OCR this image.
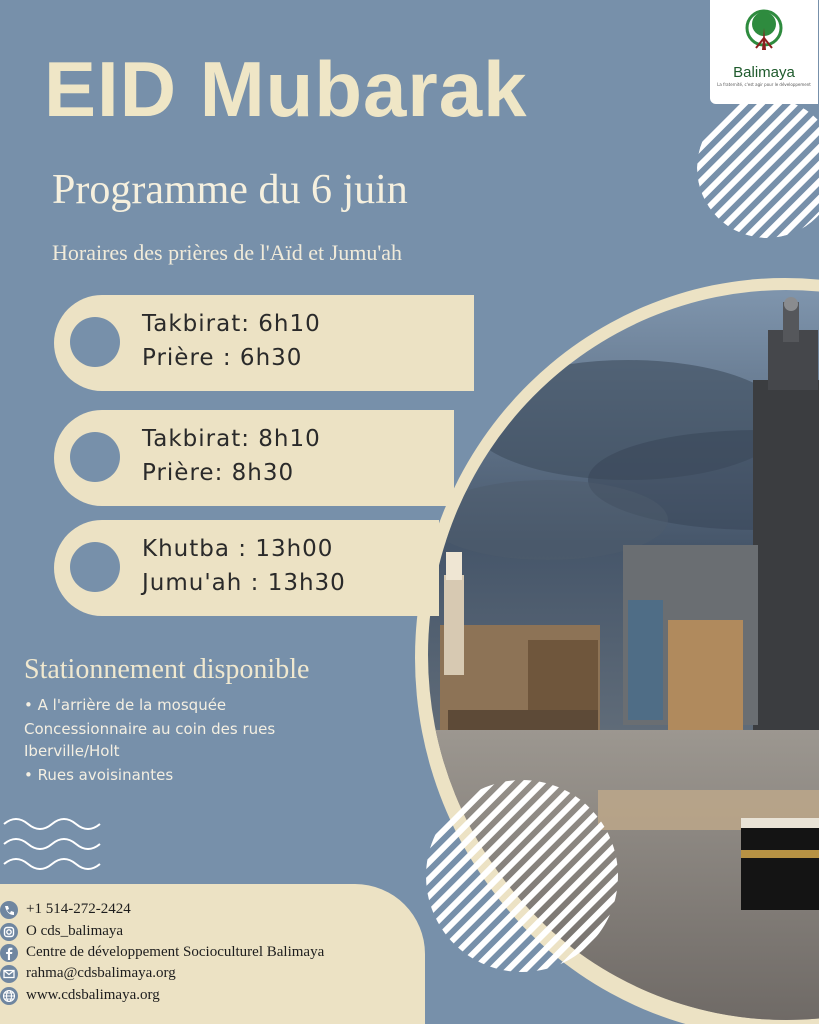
Balimaya
La fraternité, c'est agir pour le développement
EID Mubarak
Programme du 6 juin
Horaires des prières de l'Aïd et Jumu'ah
Takbirat: 6h10
Prière : 6h30
Takbirat: 8h10
Prière: 8h30
Khutba : 13h00
Jumu'ah : 13h30
Stationnement disponible
• A l'arrière de la mosquée
Concessionnaire au coin des rues
Iberville/Holt
• Rues avoisinantes
+1 514-272-2424
O cds_balimaya
Centre de développement Socioculturel Balimaya
rahma@cdsbalimaya.org
www.cdsbalimaya.org
